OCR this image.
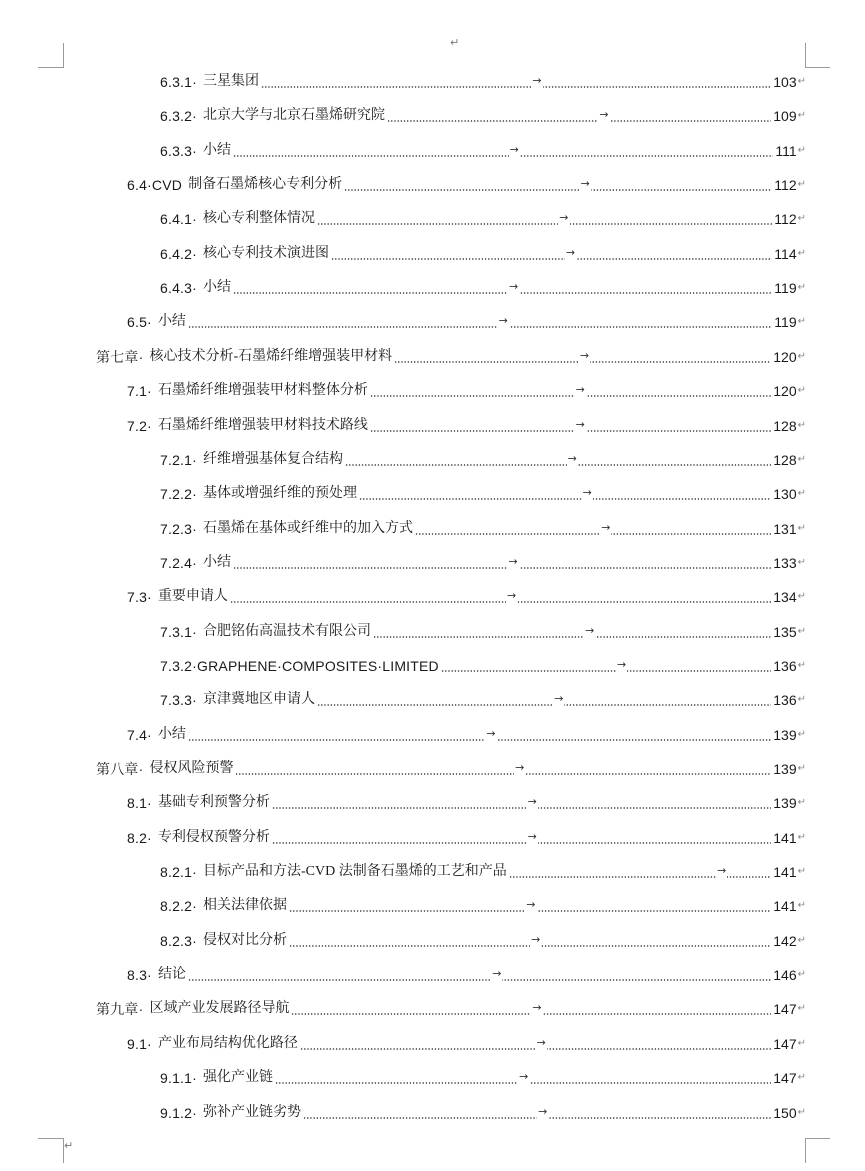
↵
↵
6.3.1· 三星集团	→	103 ↵
6.3.2· 北京大学与北京石墨烯研究院	→	109 ↵
6.3.3· 小结	→	111 ↵
6.4·CVD 制备石墨烯核心专利分析	→	112 ↵
6.4.1· 核心专利整体情况	→	112 ↵
6.4.2· 核心专利技术演进图	→	114 ↵
6.4.3· 小结	→	119 ↵
6.5· 小结	→	119 ↵
第七章· 核心技术分析-石墨烯纤维增强装甲材料	→	120 ↵
7.1· 石墨烯纤维增强装甲材料整体分析	→	120 ↵
7.2· 石墨烯纤维增强装甲材料技术路线	→	128 ↵
7.2.1· 纤维增强基体复合结构	→	128 ↵
7.2.2· 基体或增强纤维的预处理	→	130 ↵
7.2.3· 石墨烯在基体或纤维中的加入方式	→	131 ↵
7.2.4· 小结	→	133 ↵
7.3· 重要申请人	→	134 ↵
7.3.1· 合肥铭佑高温技术有限公司	→	135 ↵
7.3.2·GRAPHENE·COMPOSITES·LIMITED	→	136 ↵
7.3.3· 京津冀地区申请人	→	136 ↵
7.4· 小结	→	139 ↵
第八章· 侵权风险预警	→	139 ↵
8.1· 基础专利预警分析	→	139 ↵
8.2· 专利侵权预警分析	→	141 ↵
8.2.1· 目标产品和方法-CVD 法制备石墨烯的工艺和产品	→	141 ↵
8.2.2· 相关法律依据	→	141 ↵
8.2.3· 侵权对比分析	→	142 ↵
8.3· 结论	→	146 ↵
第九章· 区域产业发展路径导航	→	147 ↵
9.1· 产业布局结构优化路径	→	147 ↵
9.1.1· 强化产业链	→	147 ↵
9.1.2· 弥补产业链劣势	→	150 ↵
